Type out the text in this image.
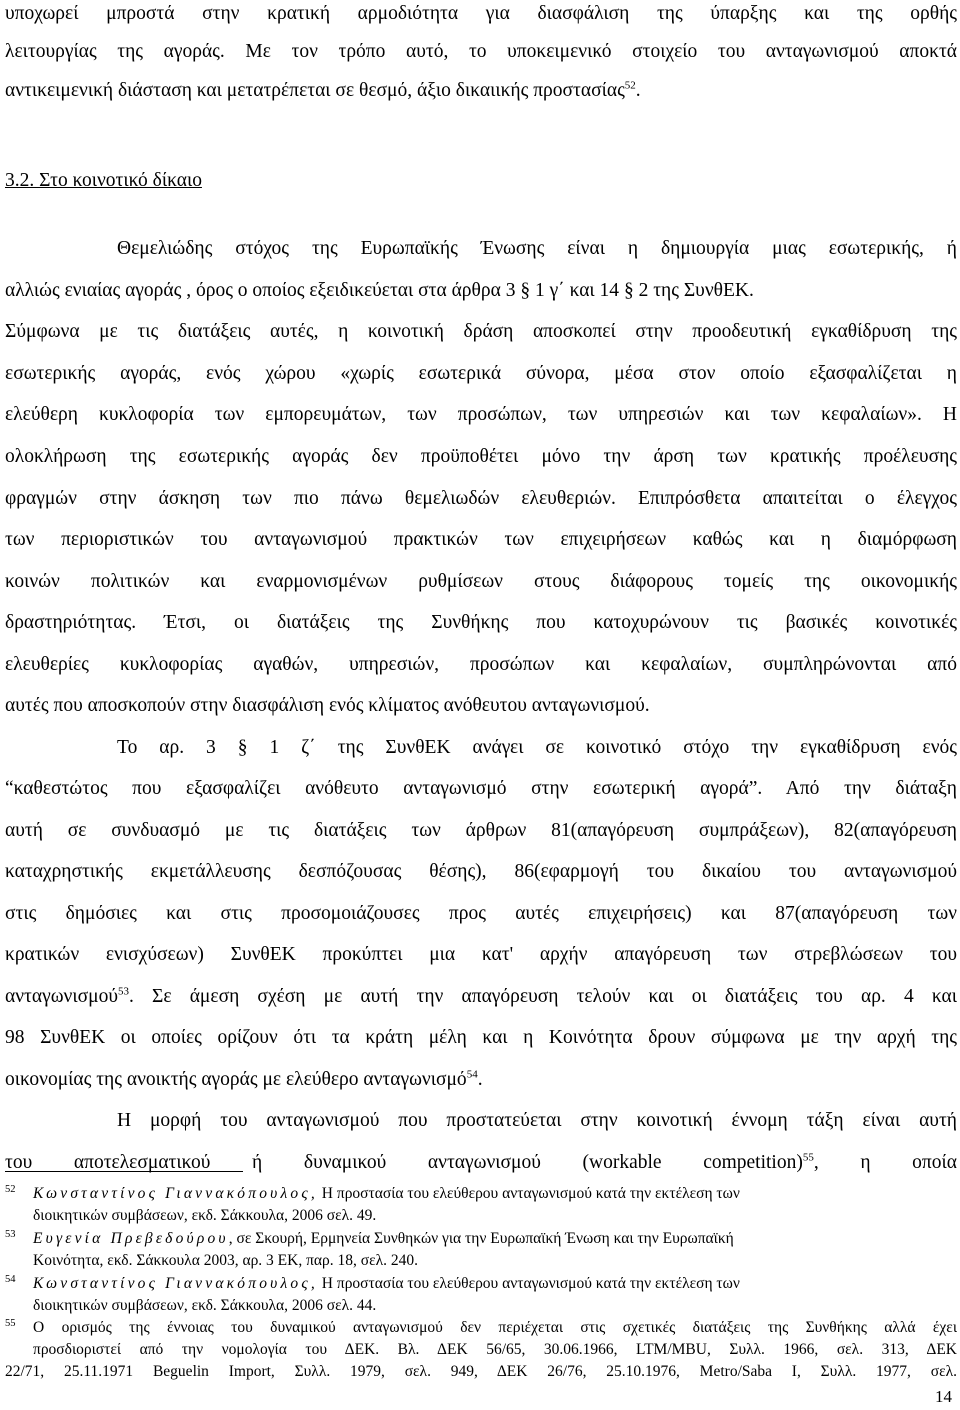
υποχωρεί μπροστά στην κρατική αρμοδιότητα για διασφάλιση της ύπαρξης και της ορθής
λειτουργίας της αγοράς. Με τον τρόπο αυτό, το υποκειμενικό στοιχείο του ανταγωνισμού αποκτά
αντικειμενική διάσταση και μετατρέπεται σε θεσμό, άξιο δικαιικής προστασίας$^{52}$.
3.2. Στο κοινοτικό δίκαιο
Θεμελιώδης στόχος της Ευρωπαϊκής Ένωσης είναι η δημιουργία μιας εσωτερικής, ή
αλλιώς ενιαίας αγοράς , όρος ο οποίος εξειδικεύεται στα άρθρα 3 § 1 γ΄ και 14 § 2 της ΣυνθΕΚ.
Σύμφωνα με τις διατάξεις αυτές, η κοινοτική δράση αποσκοπεί στην προοδευτική εγκαθίδρυση της
εσωτερικής αγοράς, ενός χώρου «χωρίς εσωτερικά σύνορα, μέσα στον οποίο εξασφαλίζεται η
ελεύθερη κυκλοφορία των εμπορευμάτων, των προσώπων, των υπηρεσιών και των κεφαλαίων». Η
ολοκλήρωση της εσωτερικής αγοράς δεν προϋποθέτει μόνο την άρση των κρατικής προέλευσης
φραγμών στην άσκηση των πιο πάνω θεμελιωδών ελευθεριών. Επιπρόσθετα απαιτείται ο έλεγχος
των περιοριστικών του ανταγωνισμού πρακτικών των επιχειρήσεων καθώς και η διαμόρφωση
κοινών πολιτικών και εναρμονισμένων ρυθμίσεων στους διάφορους τομείς της οικονομικής
δραστηριότητας. Έτσι, οι διατάξεις της Συνθήκης που κατοχυρώνουν τις βασικές κοινοτικές
ελευθερίες κυκλοφορίας αγαθών, υπηρεσιών, προσώπων και κεφαλαίων, συμπληρώνονται από
αυτές που αποσκοπούν στην διασφάλιση ενός κλίματος ανόθευτου ανταγωνισμού.
Το αρ. 3 § 1 ζ΄ της ΣυνθΕΚ ανάγει σε κοινοτικό στόχο την εγκαθίδρυση ενός
“καθεστώτος που εξασφαλίζει ανόθευτο ανταγωνισμό στην εσωτερική αγορά”. Από την διάταξη
αυτή σε συνδυασμό με τις διατάξεις των άρθρων 81(απαγόρευση συμπράξεων), 82(απαγόρευση
καταχρηστικής εκμετάλλευσης δεσπόζουσας θέσης), 86(εφαρμογή του δικαίου του ανταγωνισμού
στις δημόσιες και στις προσομοιάζουσες προς αυτές επιχειρήσεις) και 87(απαγόρευση των
κρατικών ενισχύσεων) ΣυνθΕΚ προκύπτει μια κατ' αρχήν απαγόρευση των στρεβλώσεων του
ανταγωνισμού$^{53}$. Σε άμεση σχέση με αυτή την απαγόρευση τελούν και οι διατάξεις του αρ. 4 και
98 ΣυνθΕΚ οι οποίες ορίζουν ότι τα κράτη μέλη και η Κοινότητα δρουν σύμφωνα με την αρχή της
οικονομίας της ανοικτής αγοράς με ελεύθερο ανταγωνισμό$^{54}$.
Η μορφή του ανταγωνισμού που προστατεύεται στην κοινοτική έννομη τάξη είναι αυτή
του αποτελεσματικού ή δυναμικού ανταγωνισμού (workable competition)$^{55}$, η οποία
52 Κωνσταντίνος Γιαννακόπουλος, Η προστασία του ελεύθερου ανταγωνισμού κατά την εκτέλεση των
διοικητικών συμβάσεων, εκδ. Σάκκουλα, 2006 σελ. 49.
53 Ευγενία Πρεβεδούρου, σε Σκουρή, Ερμηνεία Συνθηκών για την Ευρωπαϊκή Ένωση και την Ευρωπαϊκή
Κοινότητα, εκδ. Σάκκουλα 2003, αρ. 3 ΕΚ, παρ. 18, σελ. 240.
54 Κωνσταντίνος Γιαννακόπουλος, Η προστασία του ελεύθερου ανταγωνισμού κατά την εκτέλεση των
διοικητικών συμβάσεων, εκδ. Σάκκουλα, 2006 σελ. 44.
55 Ο ορισμός της έννοιας του δυναμικού ανταγωνισμού δεν περιέχεται στις σχετικές διατάξεις της Συνθήκης αλλά έχει
προσδιοριστεί από την νομολογία του ΔΕΚ. Βλ. ΔΕΚ 56/65, 30.06.1966, LTM/MBU, Συλλ. 1966, σελ. 313, ΔΕΚ
22/71, 25.11.1971 Beguelin Import, Συλλ. 1979, σελ. 949, ΔΕΚ 26/76, 25.10.1976, Metro/Saba I, Συλλ. 1977, σελ.
14
